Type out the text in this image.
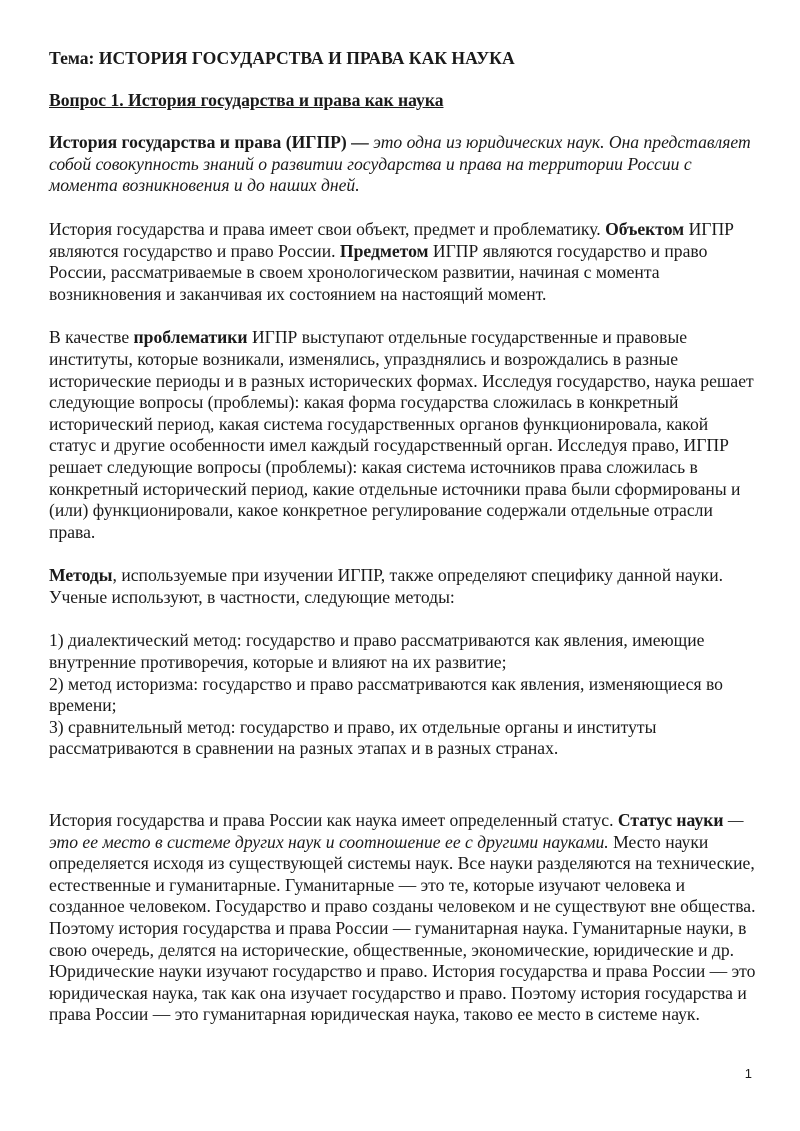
Тема: ИСТОРИЯ ГОСУДАРСТВА И ПРАВА КАК НАУКА
Вопрос 1. История государства и права как наука

История государства и права (ИГПР) — это одна из юридических наук. Она представляет собой совокупность знаний о развитии государства и права на территории России с момента возникновения и до наших дней.

История государства и права имеет свои объект, предмет и проблематику. Объектом ИГПР являются государство и право России. Предметом ИГПР являются государство и право России, рассматриваемые в своем хронологическом развитии, начиная с момента возникновения и заканчивая их состоянием на настоящий момент.

В качестве проблематики ИГПР выступают отдельные государственные и правовые институты, которые возникали, изменялись, упразднялись и возрождались в разные исторические периоды и в разных исторических формах. Исследуя государство, наука решает следующие вопросы (проблемы): какая форма государства сложилась в конкретный исторический период, какая система государственных органов функционировала, какой статус и другие особенности имел каждый государственный орган. Исследуя право, ИГПР решает следующие вопросы (проблемы): какая система источников права сложилась в конкретный исторический период, какие отдельные источники права были сформированы и (или) функционировали, какое конкретное регулирование содержали отдельные отрасли права.

Методы, используемые при изучении ИГПР, также определяют специфику данной науки. Ученые используют, в частности, следующие методы:

1) диалектический метод: государство и право рассматриваются как явления, имеющие внутренние противоречия, которые и влияют на их развитие;
2) метод историзма: государство и право рассматриваются как явления, изменяющиеся во времени;
3) сравнительный метод: государство и право, их отдельные органы и институты рассматриваются в сравнении на разных этапах и в разных странах.

История государства и права России как наука имеет определенный статус. Статус науки — это ее место в системе других наук и соотношение ее с другими науками. Место науки определяется исходя из существующей системы наук. Все науки разделяются на технические, естественные и гуманитарные. Гуманитарные — это те, которые изучают человека и созданное человеком. Государство и право созданы человеком и не существуют вне общества. Поэтому история государства и права России — гуманитарная наука. Гуманитарные науки, в свою очередь, делятся на исторические, общественные, экономические, юридические и др. Юридические науки изучают государство и право. История государства и права России — это юридическая наука, так как она изучает государство и право. Поэтому история государства и права России — это гуманитарная юридическая наука, таково ее место в системе наук.

1
